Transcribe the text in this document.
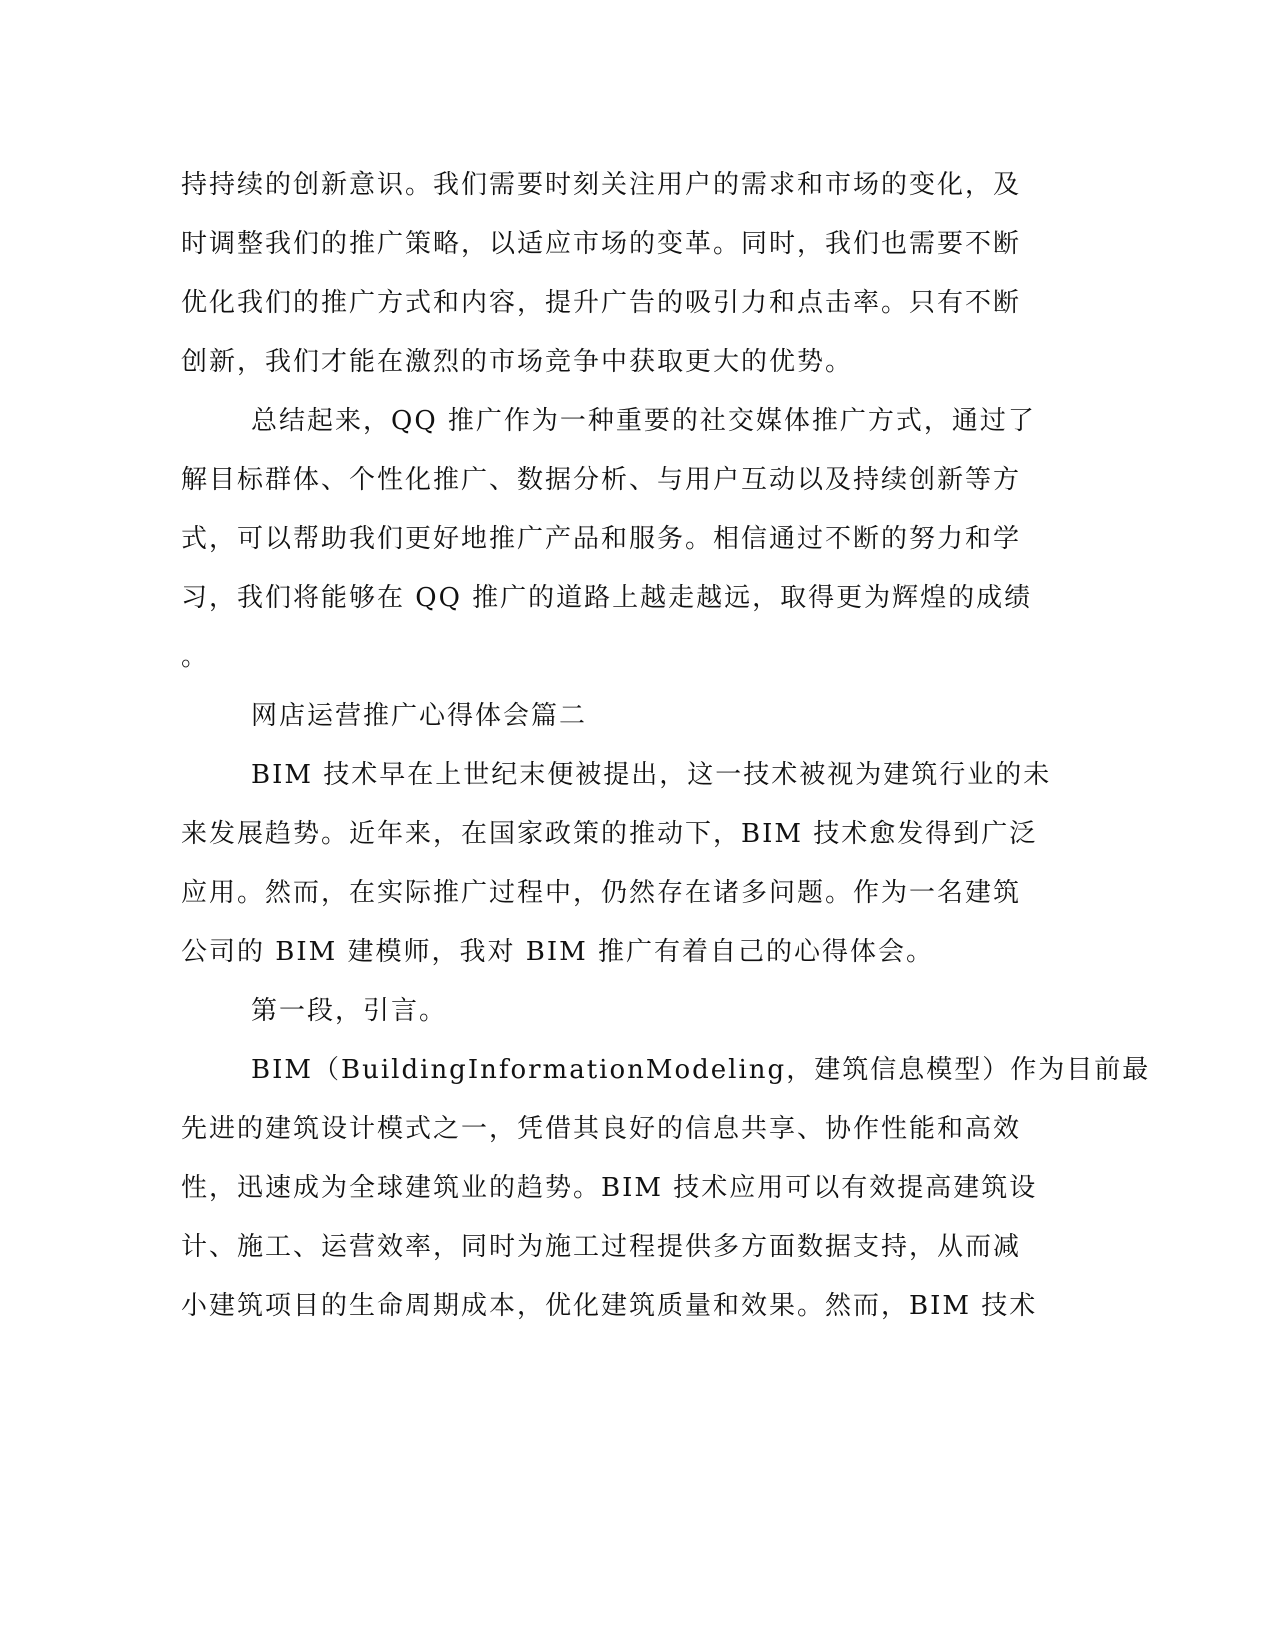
持持续的创新意识。我们需要时刻关注用户的需求和市场的变化，及
时调整我们的推广策略，以适应市场的变革。同时，我们也需要不断
优化我们的推广方式和内容，提升广告的吸引力和点击率。只有不断
创新，我们才能在激烈的市场竞争中获取更大的优势。
总结起来，QQ 推广作为一种重要的社交媒体推广方式，通过了
解目标群体、个性化推广、数据分析、与用户互动以及持续创新等方
式，可以帮助我们更好地推广产品和服务。相信通过不断的努力和学
习，我们将能够在 QQ 推广的道路上越走越远，取得更为辉煌的成绩
。
网店运营推广心得体会篇二
BIM 技术早在上世纪末便被提出，这一技术被视为建筑行业的未
来发展趋势。近年来，在国家政策的推动下，BIM 技术愈发得到广泛
应用。然而，在实际推广过程中，仍然存在诸多问题。作为一名建筑
公司的 BIM 建模师，我对 BIM 推广有着自己的心得体会。
第一段，引言。
BIM（BuildingInformationModeling，建筑信息模型）作为目前最
先进的建筑设计模式之一，凭借其良好的信息共享、协作性能和高效
性，迅速成为全球建筑业的趋势。BIM 技术应用可以有效提高建筑设
计、施工、运营效率，同时为施工过程提供多方面数据支持，从而减
小建筑项目的生命周期成本，优化建筑质量和效果。然而，BIM 技术
